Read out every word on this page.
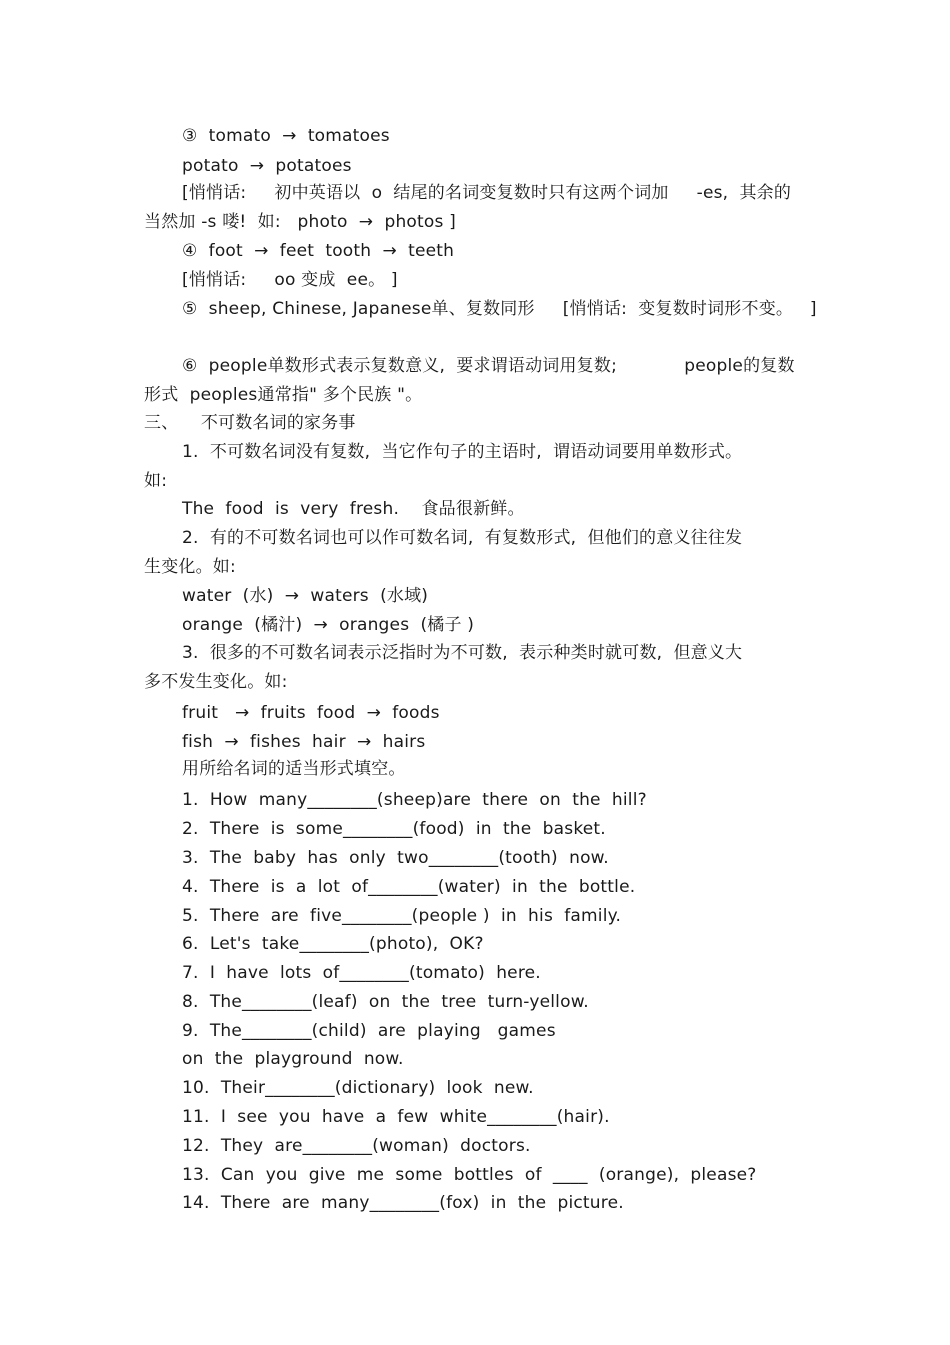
③  tomato  →  tomatoes
potato  →  potatoes
[悄悄话:     初中英语以  o  结尾的名词变复数时只有这两个词加     -es,  其余的
当然加 -s 喽!  如:   photo  →  photos ]
④  foot  →  feet  tooth  →  teeth
[悄悄话:     oo 变成  ee。 ]
⑤  sheep, Chinese, Japanese单、复数同形     [悄悄话:  变复数时词形不变。   ]
⑥  people单数形式表示复数意义,  要求谓语动词用复数;            people的复数
形式  peoples通常指" 多个民族 "。
三、    不可数名词的家务事
1.  不可数名词没有复数,  当它作句子的主语时,  谓语动词要用单数形式。
如:
The  food  is  very  fresh.    食品很新鲜。
2.  有的不可数名词也可以作可数名词,  有复数形式,  但他们的意义往往发
生变化。如:
water  (水)  →  waters  (水域)
orange  (橘汁)  →  oranges  (橘子 )
3.  很多的不可数名词表示泛指时为不可数,  表示种类时就可数,  但意义大
多不发生变化。如:
fruit   →  fruits  food  →  foods
fish  →  fishes  hair  →  hairs
用所给名词的适当形式填空。
1.  How  many________(sheep)are  there  on  the  hill?
2.  There  is  some________(food)  in  the  basket.
3.  The  baby  has  only  two________(tooth)  now.
4.  There  is  a  lot  of________(water)  in  the  bottle.
5.  There  are  five________(people )  in  his  family.
6.  Let's  take________(photo),  OK?
7.  I  have  lots  of________(tomato)  here.
8.  The________(leaf)  on  the  tree  turn-yellow.
9.  The________(child)  are  playing   games
on  the  playground  now.
10.  Their________(dictionary)  look  new.
11.  I  see  you  have  a  few  white________(hair).
12.  They  are________(woman)  doctors.
13.  Can  you  give  me  some  bottles  of  ____  (orange),  please?
14.  There  are  many________(fox)  in  the  picture.
